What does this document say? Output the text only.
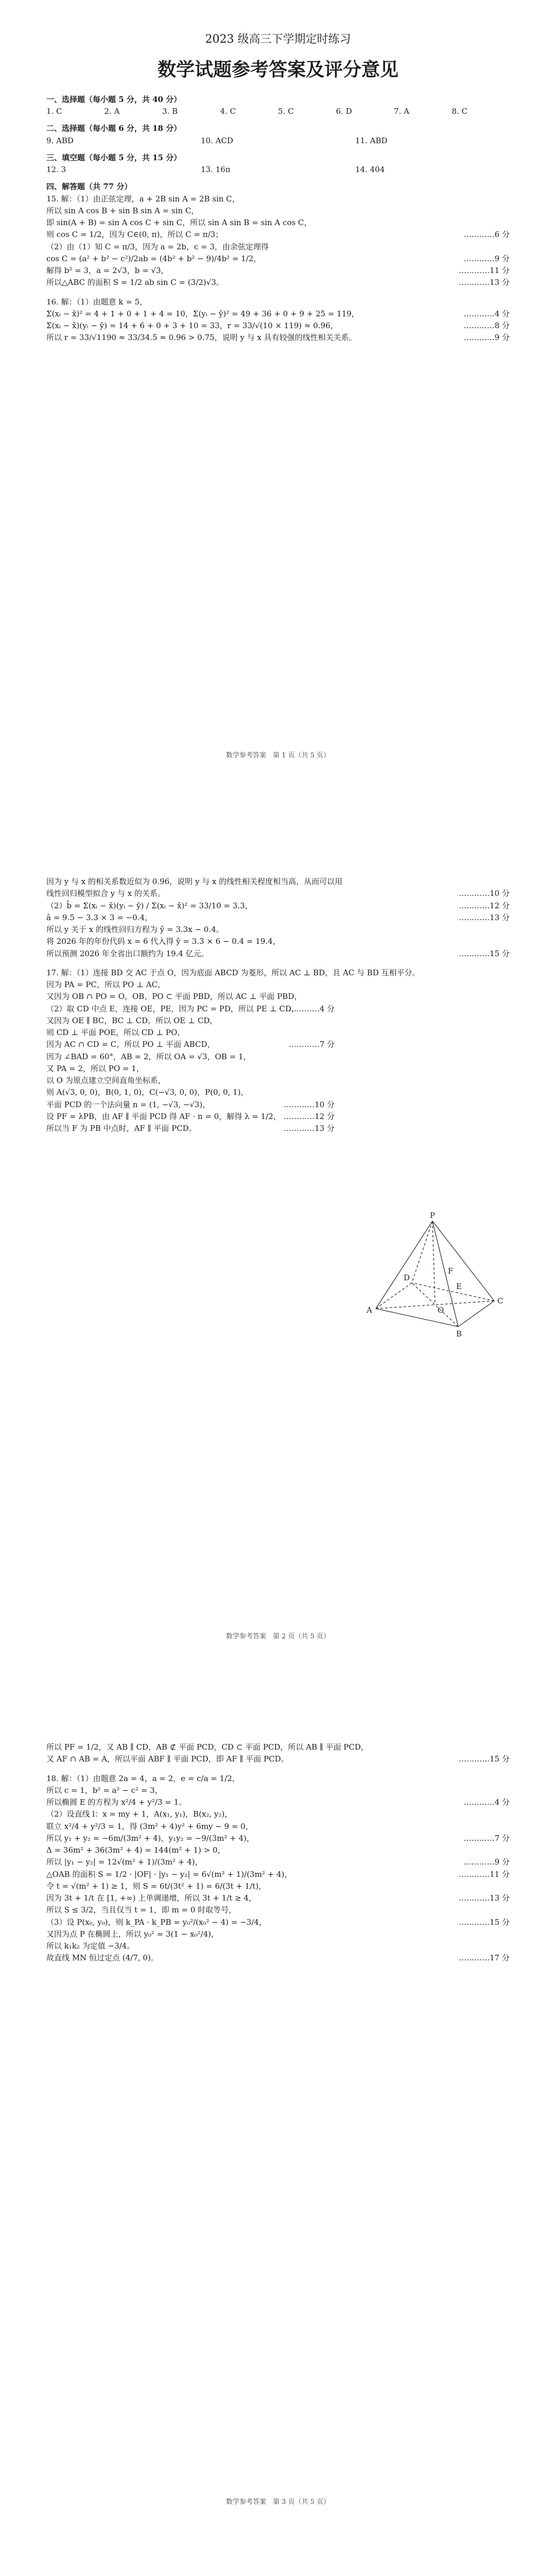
2023 级高三下学期定时练习
数学试题参考答案及评分意见
一、选择题（每小题 5 分，共 40 分）
1. C	2. A	3. B	4. C	5. C	6. D	7. A	8. C
二、选择题（每小题 6 分，共 18 分）
9. ABD	10. ACD	11. ABD
三、填空题（每小题 5 分，共 15 分）
12. 3	13. 16π	14. 404
四、解答题（共 77 分）
15. 解：（1）由正弦定理，a + 2B sin A = 2B sin C，
所以 sin A cos B + sin B sin A = sin C，
即 sin(A + B) = sin A cos C + sin C，所以 sin A sin B = sin A cos C，
…………6 分
则 cos C = 1/2，因为 C∈(0, π)，所以 C = π/3；
（2）由（1）知 C = π/3，因为 a = 2b，c = 3，由余弦定理得
…………9 分
cos C = (a² + b² − c²)/2ab = (4b² + b² − 9)/4b² = 1/2，
…………11 分
解得 b² = 3，a = 2√3，b = √3，
…………13 分
所以△ABC 的面积 S = 1/2 ab sin C = (3/2)√3。
16. 解：（1）由题意 k = 5，
…………4 分
Σ(xᵢ − x̄)² = 4 + 1 + 0 + 1 + 4 = 10，Σ(yᵢ − ȳ)² = 49 + 36 + 0 + 9 + 25 = 119，
…………8 分
Σ(xᵢ − x̄)(yᵢ − ȳ) = 14 + 6 + 0 + 3 + 10 = 33，r = 33/√(10 × 119) ≈ 0.96，
…………9 分
所以 r = 33/√1190 ≈ 33/34.5 ≈ 0.96 > 0.75，说明 y 与 x 具有较强的线性相关关系。
数学参考答案　第 1 页（共 5 页）
因为 y 与 x 的相关系数近似为 0.96，说明 y 与 x 的线性相关程度相当高，从而可以用
…………10 分
线性回归模型拟合 y 与 x 的关系。
…………12 分
（2）b̂ = Σ(xᵢ − x̄)(yᵢ − ȳ) / Σ(xᵢ − x̄)² = 33/10 = 3.3，
…………13 分
â = 9.5 − 3.3 × 3 = −0.4，
所以 y 关于 x 的线性回归方程为 ŷ = 3.3x − 0.4。
将 2026 年的年份代码 x = 6 代入得 ŷ = 3.3 × 6 − 0.4 = 19.4，
…………15 分
所以预测 2026 年全省出口额约为 19.4 亿元。
17. 解：（1）连接 BD 交 AC 于点 O，因为底面 ABCD 为菱形，所以 AC ⊥ BD，且 AC 与 BD 互相平分。
因为 PA = PC，所以 PO ⊥ AC，
又因为 OB ∩ PO = O，OB、PO ⊂ 平面 PBD，所以 AC ⊥ 平面 PBD，
…………4 分
（2）取 CD 中点 E，连接 OE，PE，因为 PC = PD，所以 PE ⊥ CD，
又因为 OE ∥ BC，BC ⊥ CD，所以 OE ⊥ CD，
则 CD ⊥ 平面 POE，所以 CD ⊥ PO，
…………7 分
因为 AC ∩ CD = C，所以 PO ⊥ 平面 ABCD，
因为 ∠BAD = 60°，AB = 2，所以 OA = √3，OB = 1，
又 PA = 2，所以 PO = 1，
以 O 为原点建立空间直角坐标系，
则 A(√3, 0, 0)，B(0, 1, 0)，C(−√3, 0, 0)，P(0, 0, 1)，
…………10 分
平面 PCD 的一个法向量 n = (1, −√3, −√3)，
…………12 分
设 PF = λPB，由 AF ∥ 平面 PCD 得 AF · n = 0，解得 λ = 1/2，
…………13 分
所以当 F 为 PB 中点时，AF ∥ 平面 PCD。
P
A
B
C
D
O
E
F
数学参考答案　第 2 页（共 5 页）
所以 PF = 1/2，又 AB ∥ CD，AB ⊄ 平面 PCD，CD ⊂ 平面 PCD，所以 AB ∥ 平面 PCD，
…………15 分
又 AF ∩ AB = A，所以平面 ABF ∥ 平面 PCD，即 AF ∥ 平面 PCD。
18. 解：（1）由题意 2a = 4，a = 2，e = c/a = 1/2，
所以 c = 1，b² = a² − c² = 3，
…………4 分
所以椭圆 E 的方程为 x²/4 + y²/3 = 1。
（2）设直线 l：x = my + 1，A(x₁, y₁)，B(x₂, y₂)，
联立 x²/4 + y²/3 = 1，得 (3m² + 4)y² + 6my − 9 = 0，
…………7 分
所以 y₁ + y₂ = −6m/(3m² + 4)，y₁y₂ = −9/(3m² + 4)，
Δ = 36m² + 36(3m² + 4) = 144(m² + 1) > 0，
…………9 分
所以 |y₁ − y₂| = 12√(m² + 1)/(3m² + 4)，
…………11 分
△OAB 的面积 S = 1/2 · |OF| · |y₁ − y₂| = 6√(m² + 1)/(3m² + 4)，
令 t = √(m² + 1) ≥ 1，则 S = 6t/(3t² + 1) = 6/(3t + 1/t)，
…………13 分
因为 3t + 1/t 在 [1, +∞) 上单调递增，所以 3t + 1/t ≥ 4，
所以 S ≤ 3/2，当且仅当 t = 1，即 m = 0 时取等号，
…………15 分
（3）设 P(x₀, y₀)，则 k_PA · k_PB = y₀²/(x₀² − 4) = −3/4，
又因为点 P 在椭圆上，所以 y₀² = 3(1 − x₀²/4)，
所以 k₁k₂ 为定值 −3/4。
…………17 分
故直线 MN 恒过定点 (4/7, 0)。
数学参考答案　第 3 页（共 5 页）
